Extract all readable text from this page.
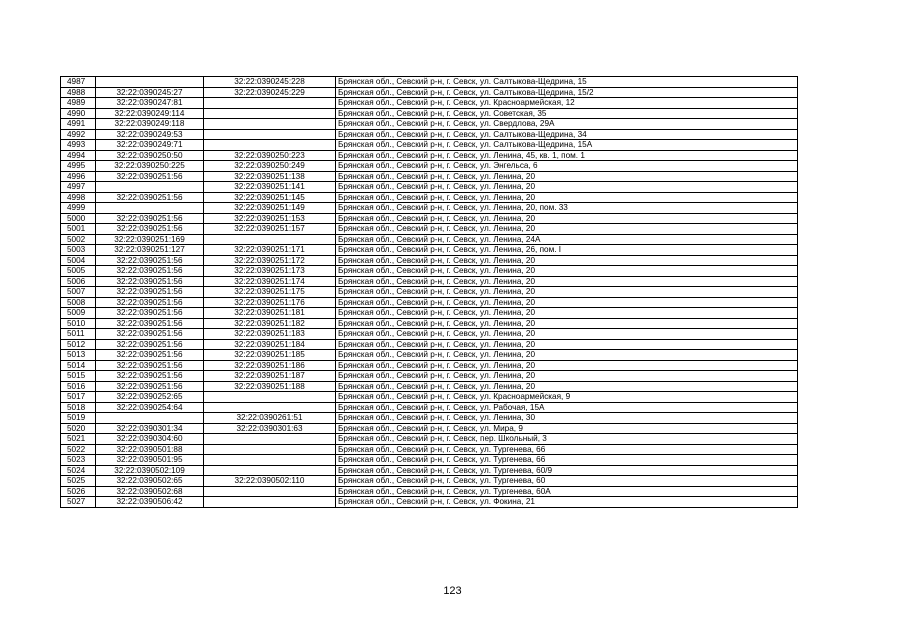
4987		32:22:0390245:228	Брянская обл., Севский р-н, г. Севск, ул. Салтыкова-Щедрина, 15
4988	32:22:0390245:27	32:22:0390245:229	Брянская обл., Севский р-н, г. Севск, ул. Салтыкова-Щедрина, 15/2
4989	32:22:0390247:81		Брянская обл., Севский р-н, г. Севск, ул. Красноармейская, 12
4990	32:22:0390249:114		Брянская обл., Севский р-н, г. Севск, ул. Советская, 35
4991	32:22:0390249:118		Брянская обл., Севский р-н, г. Севск, ул. Свердлова, 29А
4992	32:22:0390249:53		Брянская обл., Севский р-н, г. Севск, ул. Салтыкова-Щедрина, 34
4993	32:22:0390249:71		Брянская обл., Севский р-н, г. Севск, ул. Салтыкова-Щедрина, 15А
4994	32:22:0390250:50	32:22:0390250:223	Брянская обл., Севский р-н, г. Севск, ул. Ленина, 45, кв. 1, пом. 1
4995	32:22:0390250:225	32:22:0390250:249	Брянская обл., Севский р-н, г. Севск, ул. Энгельса, 6
4996	32:22:0390251:56	32:22:0390251:138	Брянская обл., Севский р-н, г. Севск, ул. Ленина, 20
4997		32:22:0390251:141	Брянская обл., Севский р-н, г. Севск, ул. Ленина, 20
4998	32:22:0390251:56	32:22:0390251:145	Брянская обл., Севский р-н, г. Севск, ул. Ленина, 20
4999		32:22:0390251:149	Брянская обл., Севский р-н, г. Севск, ул. Ленина, 20, пом. 33
5000	32:22:0390251:56	32:22:0390251:153	Брянская обл., Севский р-н, г. Севск, ул. Ленина, 20
5001	32:22:0390251:56	32:22:0390251:157	Брянская обл., Севский р-н, г. Севск, ул. Ленина, 20
5002	32:22:0390251:169		Брянская обл., Севский р-н, г. Севск, ул. Ленина, 24А
5003	32:22:0390251:127	32:22:0390251:171	Брянская обл., Севский р-н, г. Севск, ул. Ленина, 26, пом. I
5004	32:22:0390251:56	32:22:0390251:172	Брянская обл., Севский р-н, г. Севск, ул. Ленина, 20
5005	32:22:0390251:56	32:22:0390251:173	Брянская обл., Севский р-н, г. Севск, ул. Ленина, 20
5006	32:22:0390251:56	32:22:0390251:174	Брянская обл., Севский р-н, г. Севск, ул. Ленина, 20
5007	32:22:0390251:56	32:22:0390251:175	Брянская обл., Севский р-н, г. Севск, ул. Ленина, 20
5008	32:22:0390251:56	32:22:0390251:176	Брянская обл., Севский р-н, г. Севск, ул. Ленина, 20
5009	32:22:0390251:56	32:22:0390251:181	Брянская обл., Севский р-н, г. Севск, ул. Ленина, 20
5010	32:22:0390251:56	32:22:0390251:182	Брянская обл., Севский р-н, г. Севск, ул. Ленина, 20
5011	32:22:0390251:56	32:22:0390251:183	Брянская обл., Севский р-н, г. Севск, ул. Ленина, 20
5012	32:22:0390251:56	32:22:0390251:184	Брянская обл., Севский р-н, г. Севск, ул. Ленина, 20
5013	32:22:0390251:56	32:22:0390251:185	Брянская обл., Севский р-н, г. Севск, ул. Ленина, 20
5014	32:22:0390251:56	32:22:0390251:186	Брянская обл., Севский р-н, г. Севск, ул. Ленина, 20
5015	32:22:0390251:56	32:22:0390251:187	Брянская обл., Севский р-н, г. Севск, ул. Ленина, 20
5016	32:22:0390251:56	32:22:0390251:188	Брянская обл., Севский р-н, г. Севск, ул. Ленина, 20
5017	32:22:0390252:65		Брянская обл., Севский р-н, г. Севск, ул. Красноармейская, 9
5018	32:22:0390254:64		Брянская обл., Севский р-н, г. Севск, ул. Рабочая, 15А
5019		32:22:0390261:51	Брянская обл., Севский р-н, г. Севск, ул. Ленина, 30
5020	32:22:0390301:34	32:22:0390301:63	Брянская обл., Севский р-н, г. Севск, ул. Мира, 9
5021	32:22:0390304:60		Брянская обл., Севский р-н, г. Севск, пер. Школьный, 3
5022	32:22:0390501:88		Брянская обл., Севский р-н, г. Севск, ул. Тургенева, 66
5023	32:22:0390501:95		Брянская обл., Севский р-н, г. Севск, ул. Тургенева, 66
5024	32:22:0390502:109		Брянская обл., Севский р-н, г. Севск, ул. Тургенева, 60/9
5025	32:22:0390502:65	32:22:0390502:110	Брянская обл., Севский р-н, г. Севск, ул. Тургенева, 60
5026	32:22:0390502:68		Брянская обл., Севский р-н, г. Севск, ул. Тургенева, 60А
5027	32:22:0390506:42		Брянская обл., Севский р-н, г. Севск, ул. Фокина, 21
123
